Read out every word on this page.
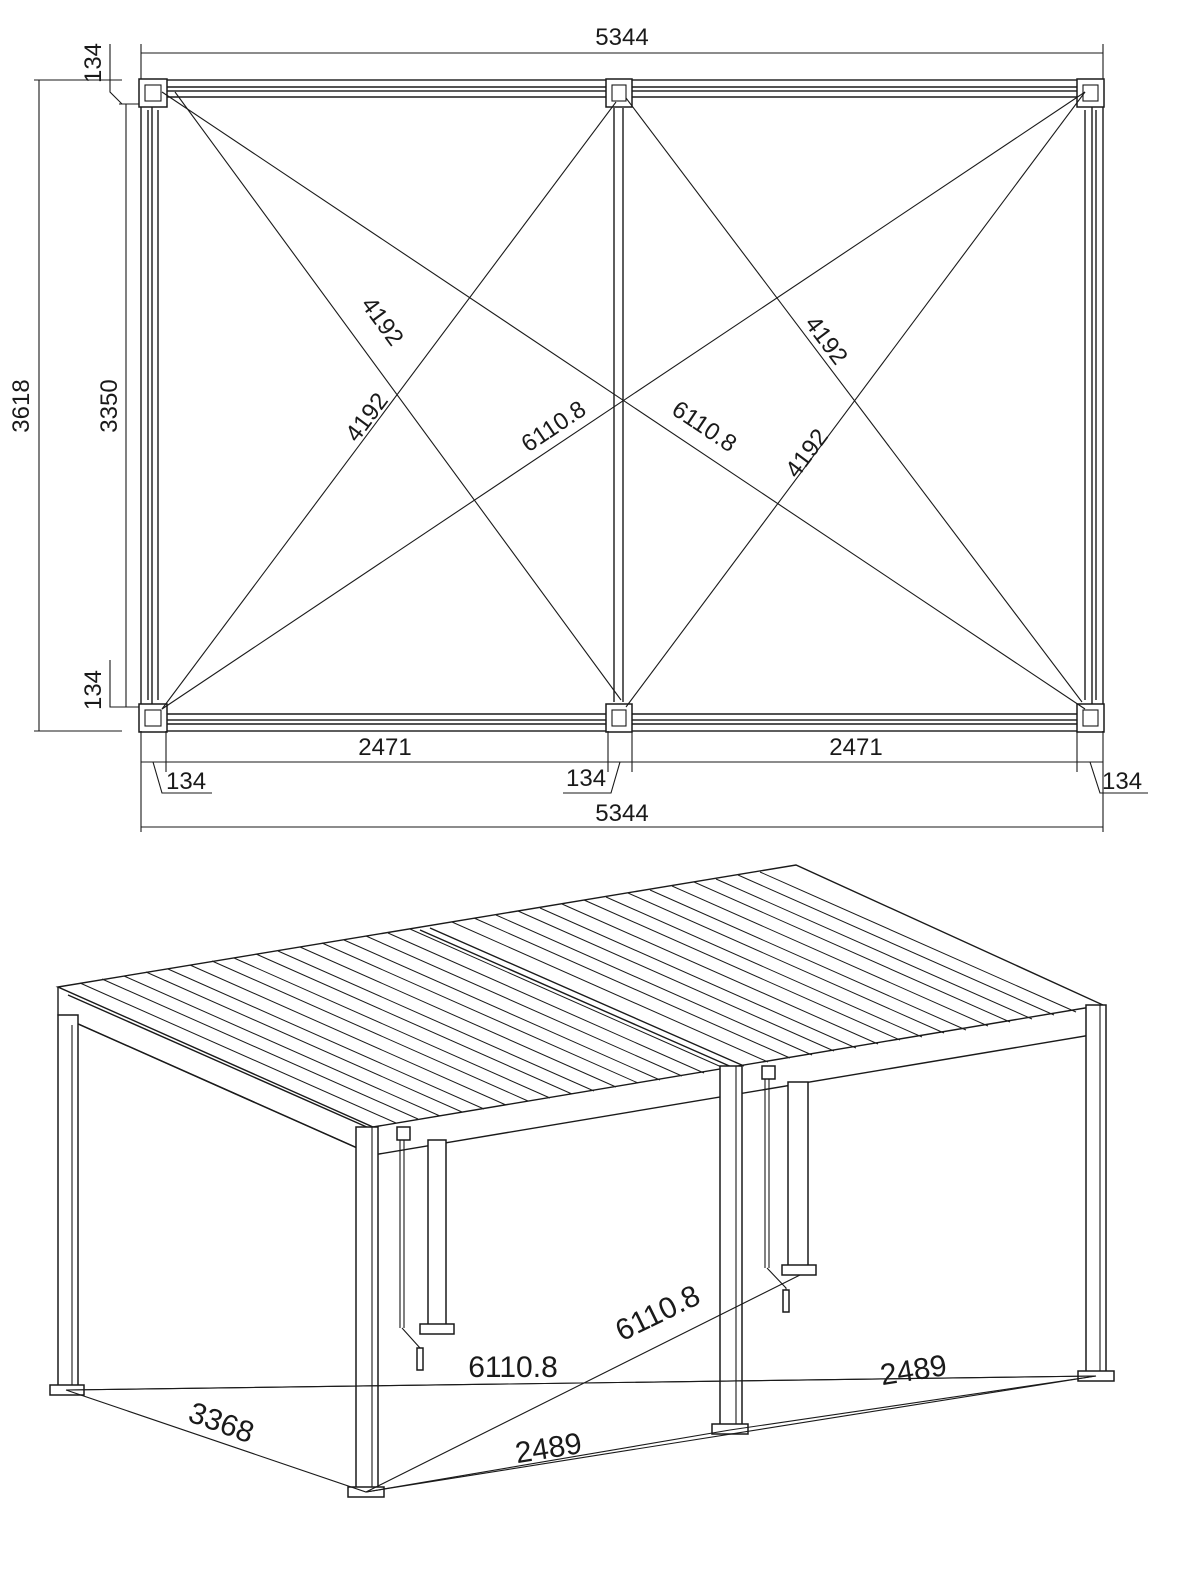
5344
3618	3350
134
134
4192
4192
4192
4192
6110.8	6110.8
2471	2471
134	134	134
5344
6110.8
6110.8
3368	2489
2489
